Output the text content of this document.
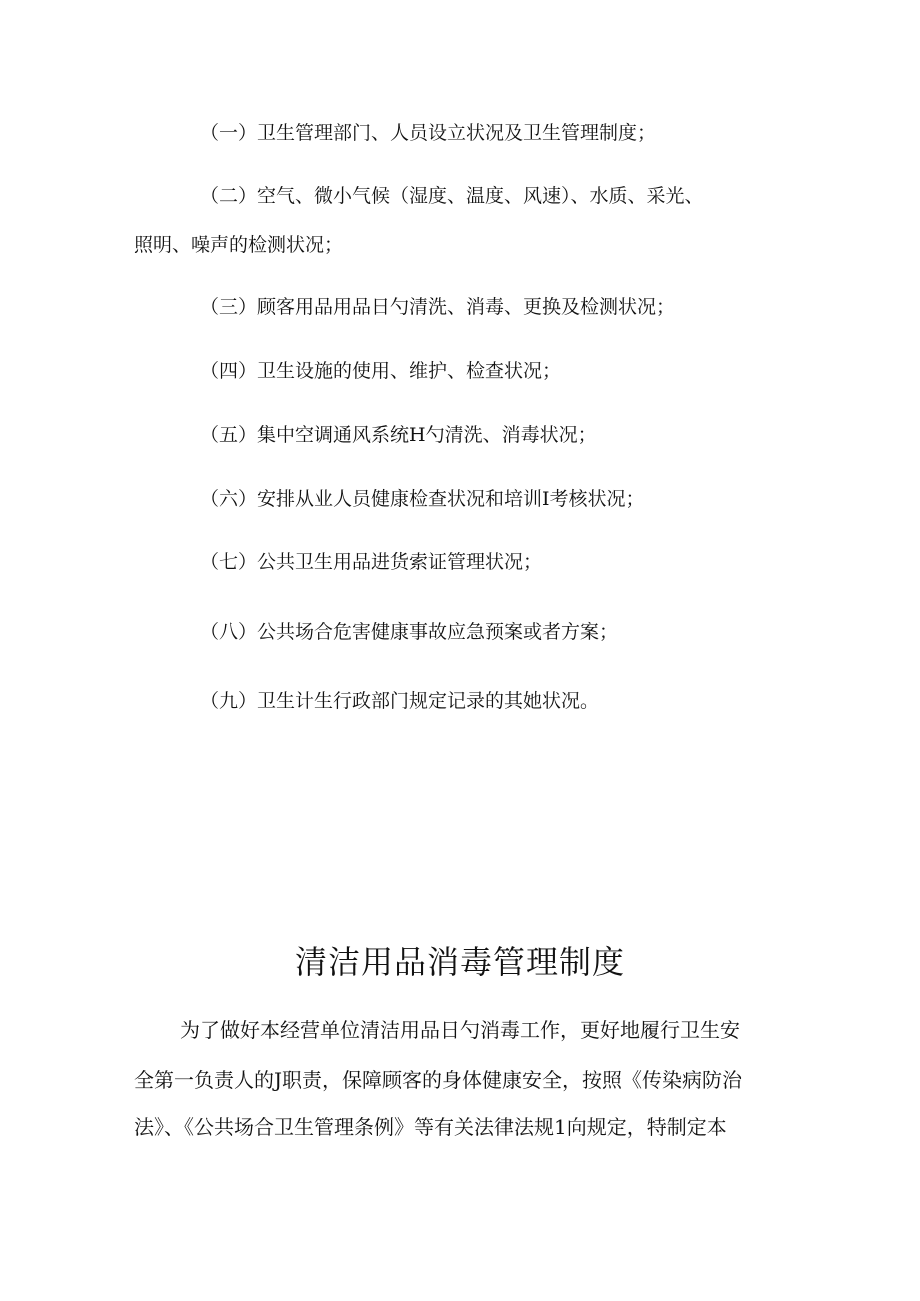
（一）卫生管理部门、人员设立状况及卫生管理制度；
（二）空气、微小气候（湿度、温度、风速）、水质、采光、
照明、噪声的检测状况；
（三）顾客用品用品日勺清洗、消毒、更换及检测状况；
（四）卫生设施的使用、维护、检查状况；
（五）集中空调通风系统H勺清洗、消毒状况；
（六）安排从业人员健康检查状况和培训I考核状况；
（七）公共卫生用品进货索证管理状况；
（八）公共场合危害健康事故应急预案或者方案；
（九）卫生计生行政部门规定记录的其她状况。
清洁用品消毒管理制度
为了做好本经营单位清洁用品日勺消毒工作，更好地履行卫生安
全第一负责人的J职责，保障顾客的身体健康安全，按照《传染病防治
法》、《公共场合卫生管理条例》等有关法律法规1向规定，特制定本
